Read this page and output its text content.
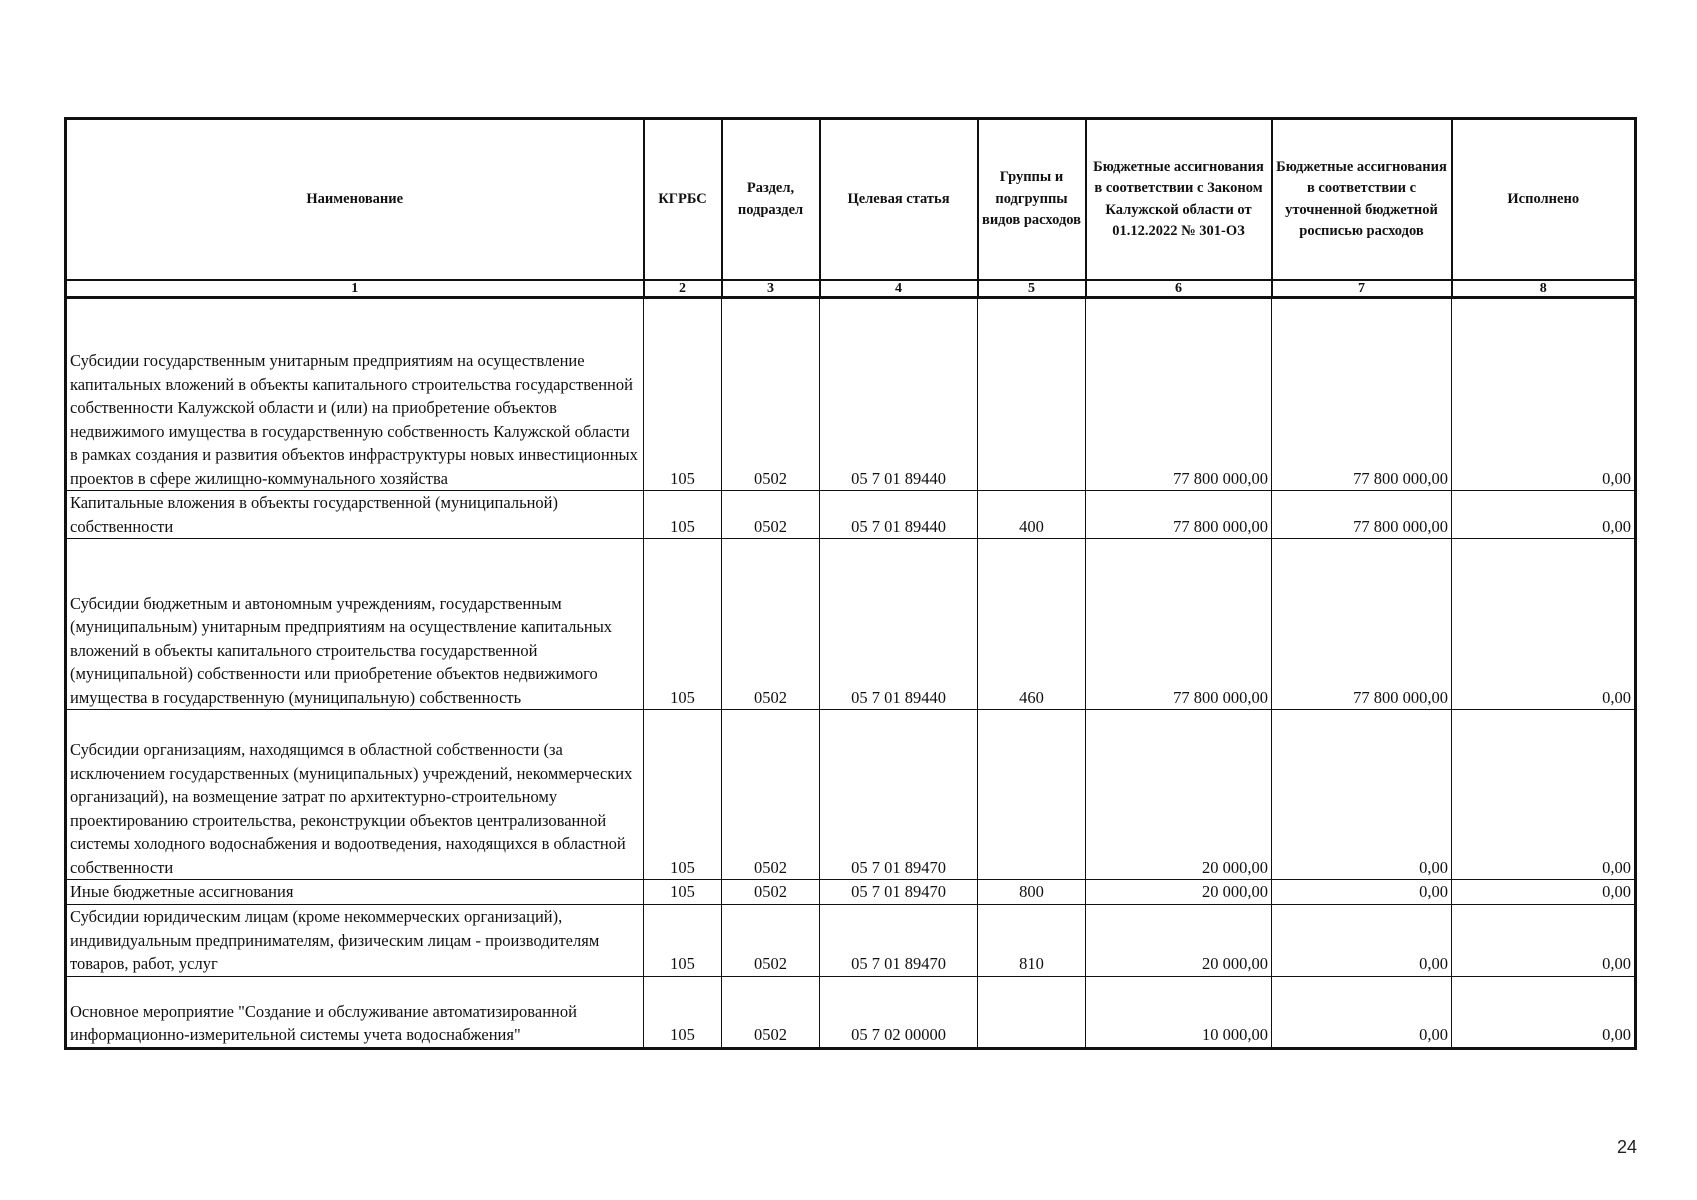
Наименование	КГРБС	Раздел, подраздел	Целевая статья	Группы и подгруппы видов расходов	Бюджетные ассигнования в соответствии с Законом Калужской области от 01.12.2022 № 301-ОЗ	Бюджетные ассигнования в соответствии с уточненной бюджетной росписью расходов	Исполнено
1	2	3	4	5	6	7	8
Субсидии государственным унитарным предприятиям на осуществление капитальных вложений в объекты капитального строительства государственной собственности Калужской области и (или) на приобретение объектов недвижимого имущества в государственную собственность Калужской области в рамках создания и развития объектов инфраструктуры новых инвестиционных проектов в сфере жилищно-коммунального хозяйства	105	0502	05 7 01 89440		77 800 000,00	77 800 000,00	0,00
Капитальные вложения в объекты государственной (муниципальной) собственности	105	0502	05 7 01 89440	400	77 800 000,00	77 800 000,00	0,00
Субсидии бюджетным и автономным учреждениям, государственным (муниципальным) унитарным предприятиям на осуществление капитальных вложений в объекты капитального строительства государственной (муниципальной) собственности или приобретение объектов недвижимого имущества в государственную (муниципальную) собственность	105	0502	05 7 01 89440	460	77 800 000,00	77 800 000,00	0,00
Субсидии организациям, находящимся в областной собственности (за исключением государственных (муниципальных) учреждений, некоммерческих организаций), на возмещение затрат по архитектурно-строительному проектированию строительства, реконструкции объектов централизованной системы холодного водоснабжения и водоотведения, находящихся в областной собственности	105	0502	05 7 01 89470		20 000,00	0,00	0,00
Иные бюджетные ассигнования	105	0502	05 7 01 89470	800	20 000,00	0,00	0,00
Субсидии юридическим лицам (кроме некоммерческих организаций), индивидуальным предпринимателям, физическим лицам - производителям товаров, работ, услуг	105	0502	05 7 01 89470	810	20 000,00	0,00	0,00
Основное мероприятие "Создание и обслуживание автоматизированной информационно-измерительной системы учета водоснабжения"	105	0502	05 7 02 00000		10 000,00	0,00	0,00
24
